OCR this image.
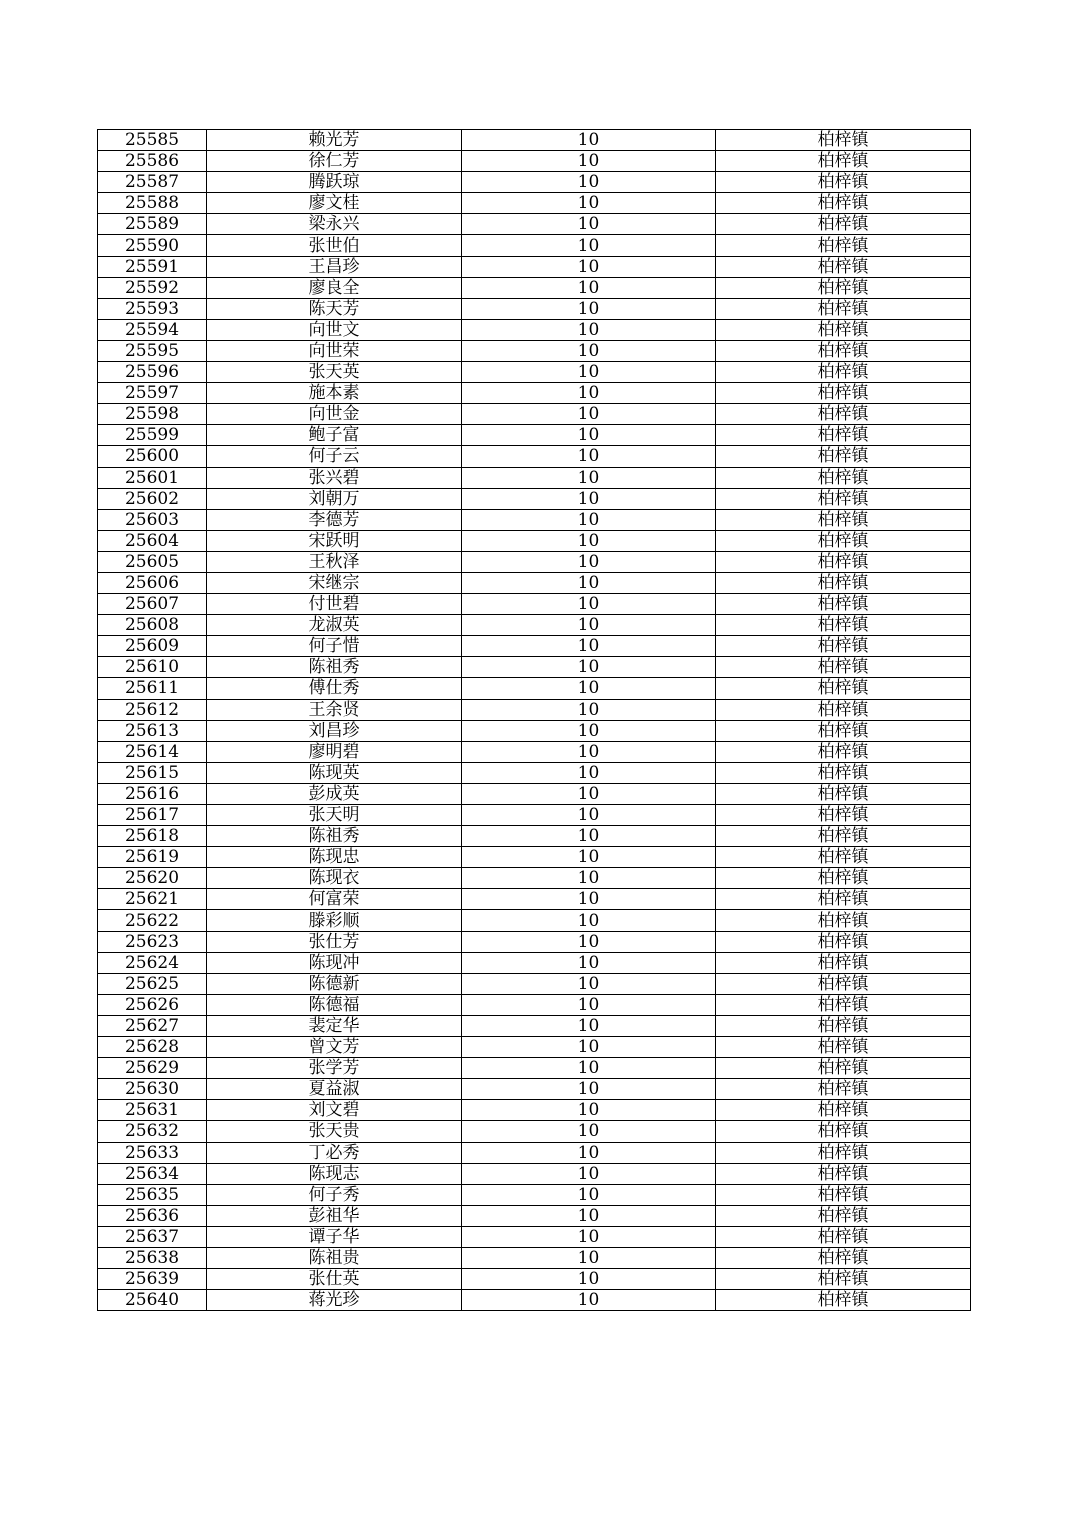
25585	赖光芳	10	柏梓镇
25586	徐仁芳	10	柏梓镇
25587	腾跃琼	10	柏梓镇
25588	廖文桂	10	柏梓镇
25589	梁永兴	10	柏梓镇
25590	张世伯	10	柏梓镇
25591	王昌珍	10	柏梓镇
25592	廖良全	10	柏梓镇
25593	陈天芳	10	柏梓镇
25594	向世文	10	柏梓镇
25595	向世荣	10	柏梓镇
25596	张天英	10	柏梓镇
25597	施本素	10	柏梓镇
25598	向世金	10	柏梓镇
25599	鲍子富	10	柏梓镇
25600	何子云	10	柏梓镇
25601	张兴碧	10	柏梓镇
25602	刘朝万	10	柏梓镇
25603	李德芳	10	柏梓镇
25604	宋跃明	10	柏梓镇
25605	王秋泽	10	柏梓镇
25606	宋继宗	10	柏梓镇
25607	付世碧	10	柏梓镇
25608	龙淑英	10	柏梓镇
25609	何子惜	10	柏梓镇
25610	陈祖秀	10	柏梓镇
25611	傅仕秀	10	柏梓镇
25612	王余贤	10	柏梓镇
25613	刘昌珍	10	柏梓镇
25614	廖明碧	10	柏梓镇
25615	陈现英	10	柏梓镇
25616	彭成英	10	柏梓镇
25617	张天明	10	柏梓镇
25618	陈祖秀	10	柏梓镇
25619	陈现忠	10	柏梓镇
25620	陈现衣	10	柏梓镇
25621	何富荣	10	柏梓镇
25622	滕彩顺	10	柏梓镇
25623	张仕芳	10	柏梓镇
25624	陈现冲	10	柏梓镇
25625	陈德新	10	柏梓镇
25626	陈德福	10	柏梓镇
25627	裴定华	10	柏梓镇
25628	曾文芳	10	柏梓镇
25629	张学芳	10	柏梓镇
25630	夏益淑	10	柏梓镇
25631	刘文碧	10	柏梓镇
25632	张天贵	10	柏梓镇
25633	丁必秀	10	柏梓镇
25634	陈现志	10	柏梓镇
25635	何子秀	10	柏梓镇
25636	彭祖华	10	柏梓镇
25637	谭子华	10	柏梓镇
25638	陈祖贵	10	柏梓镇
25639	张仕英	10	柏梓镇
25640	蒋光珍	10	柏梓镇
